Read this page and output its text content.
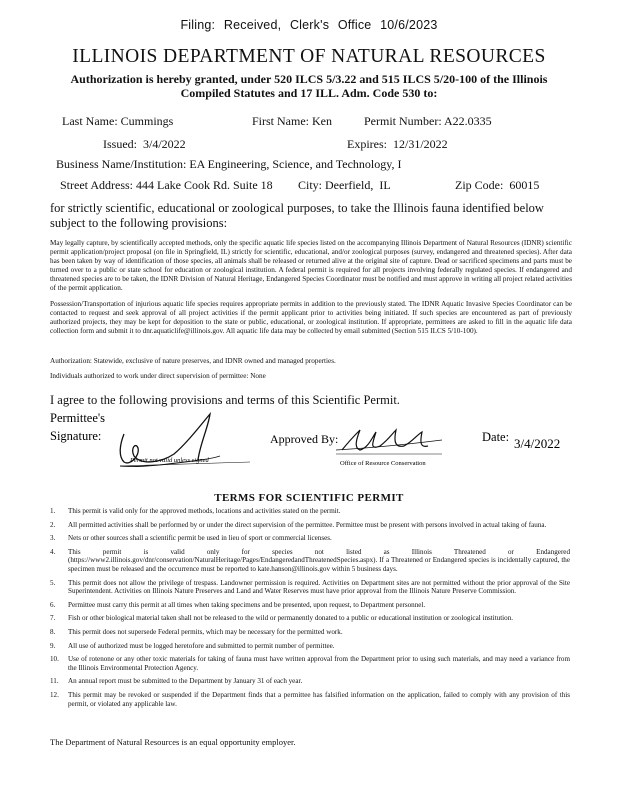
Filing: Received, Clerk's Office 10/6/2023
ILLINOIS DEPARTMENT OF NATURAL RESOURCES
Authorization is hereby granted, under 520 ILCS 5/3.22 and 515 ILCS 5/20-100 of the Illinois
Compiled Statutes and 17 ILL. Adm. Code 530 to:
Last Name: Cummings	First Name: Ken	Permit Number: A22.0335
Issued: 3/4/2022	Expires: 12/31/2022
Business Name/Institution: EA Engineering, Science, and Technology, I
Street Address: 444 Lake Cook Rd. Suite 18 City: Deerfield, IL	Zip Code: 60015
for strictly scientific, educational or zoological purposes, to take the Illinois fauna identified below subject to the following provisions:
May legally capture, by scientifically accepted methods, only the specific aquatic life species listed on the accompanying Illinois Department of Natural Resources (IDNR) scientific permit application/project proposal (on file in Springfield, IL) strictly for scientific, educational, and/or zoological purposes (survey, endangered and threatened species). After data has been taken by way of identification of those species, all animals shall be released or returned alive at the original site of capture. Dead or sacrificed specimens and parts must be turned over to a public or state school for education or zoological institution. A federal permit is required for all projects involving federally regulated species. If endangered and threatened species are to be taken, the IDNR Division of Natural Heritage, Endangered Species Coordinator must be notified and must approve in writing all project related activities of the permit application.
Possession/Transportation of injurious aquatic life species requires appropriate permits in addition to the previously stated. The IDNR Aquatic Invasive Species Coordinator can be contacted to request and seek approval of all project activities if the permit applicant prior to activities being initiated. If such species are encountered as part of previously authorized projects, they may be kept for deposition to the state or public, educational, or zoological institution. If appropriate, permittees are asked to fill in the aquatic life data collection form and submit it to dnr.aquaticlife@illinois.gov. All aquatic life data may be collected by email submitted (Section 515 ILCS 5/10-100).
Authorization: Statewide, exclusive of nature preserves, and IDNR owned and managed properties.
Individuals authorized to work under direct supervision of permittee: None
I agree to the following provisions and terms of this Scientific Permit.
Permittee's
Signature:
Permit not valid unless signed
Approved By:
Office of Resource Conservation
Date: 3/4/2022
TERMS FOR SCIENTIFIC PERMIT
1. This permit is valid only for the approved methods, locations and activities stated on the permit.
2. All permitted activities shall be performed by or under the direct supervision of the permittee. Permittee must be present with persons involved in actual taking of fauna.
3. Nets or other sources shall a scientific permit be used in lieu of sport or commercial licenses.
4. This permit is valid only for species not listed as Illinois Threatened or Endangered (https://www2.illinois.gov/dnr/conservation/NaturalHeritage/Pages/EndangeredandThreatenedSpecies.aspx). If a Threatened or Endangered species is incidentally captured, the specimen must be released and the occurrence must be reported to kate.hanson@illinois.gov within 5 business days.
5. This permit does not allow the privilege of trespass. Landowner permission is required. Activities on Department sites are not permitted without the prior approval of the Site Superintendent. Activities on Illinois Nature Preserves and Land and Water Reserves must have prior approval from the Illinois Nature Preserve Commission.
6. Permittee must carry this permit at all times when taking specimens and be presented, upon request, to Department personnel.
7. Fish or other biological material taken shall not be released to the wild or permanently donated to a public or educational institution or zoological institution.
8. This permit does not supersede Federal permits, which may be necessary for the permitted work.
9. All use of authorized must be logged heretofore and submitted to permit number of permittee.
10. Use of rotenone or any other toxic materials for taking of fauna must have written approval from the Department prior to using such materials, and may need a variance from the Illinois Environmental Protection Agency.
11. An annual report must be submitted to the Department by January 31 of each year.
12. This permit may be revoked or suspended if the Department finds that a permittee has falsified information on the application, failed to comply with any provision of this permit, or violated any applicable law.
The Department of Natural Resources is an equal opportunity employer.
